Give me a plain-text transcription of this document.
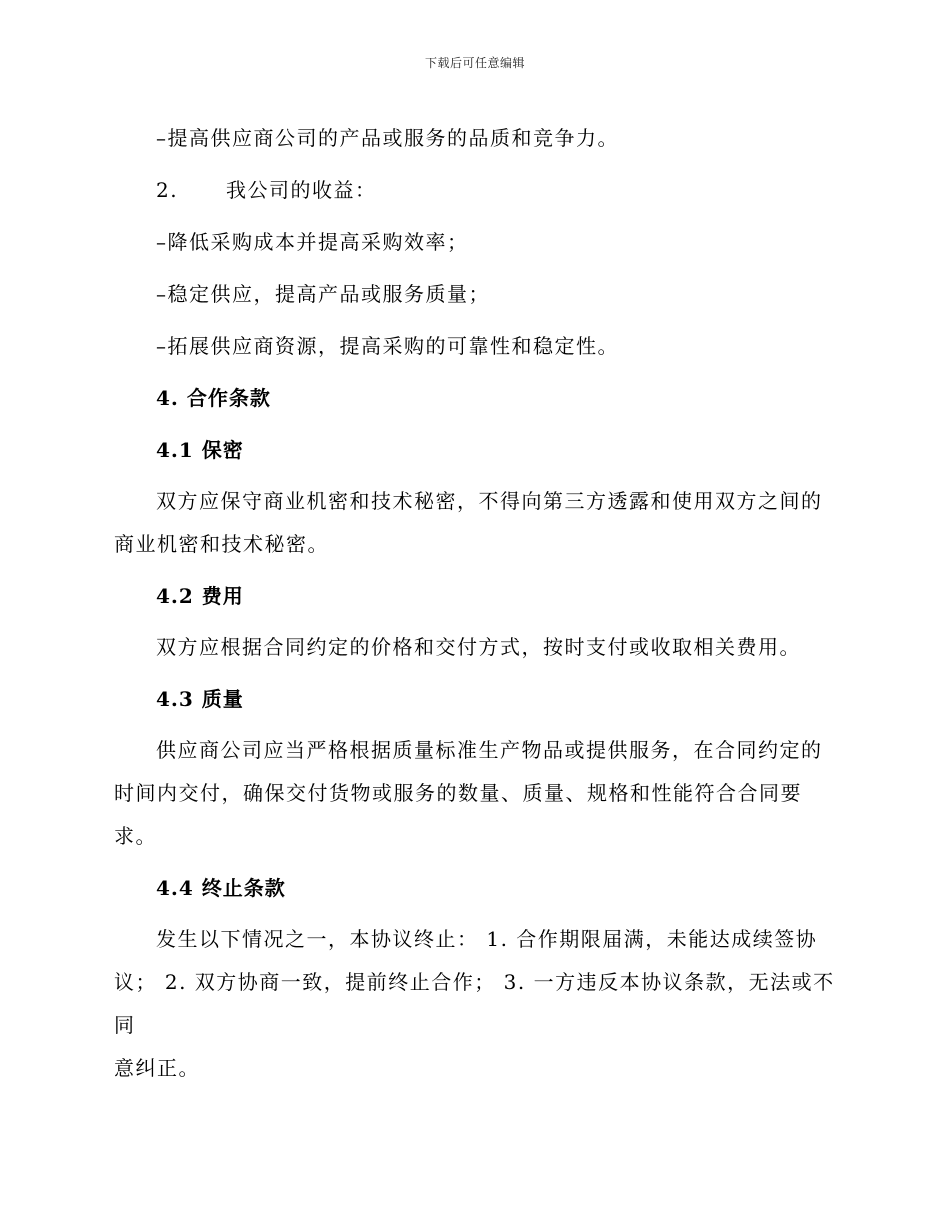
下载后可任意编辑
–提高供应商公司的产品或服务的品质和竞争力。
2. 我公司的收益：
–降低采购成本并提高采购效率；
–稳定供应，提高产品或服务质量；
–拓展供应商资源，提高采购的可靠性和稳定性。
4. 合作条款
4.1 保密
双方应保守商业机密和技术秘密，不得向第三方透露和使用双方之间的
商业机密和技术秘密。
4.2 费用
双方应根据合同约定的价格和交付方式，按时支付或收取相关费用。
4.3 质量
供应商公司应当严格根据质量标准生产物品或提供服务，在合同约定的
时间内交付，确保交付货物或服务的数量、质量、规格和性能符合合同要
求。
4.4 终止条款
发生以下情况之一，本协议终止： 1. 合作期限届满，未能达成续签协
议； 2. 双方协商一致，提前终止合作； 3. 一方违反本协议条款，无法或不同
意纠正。
